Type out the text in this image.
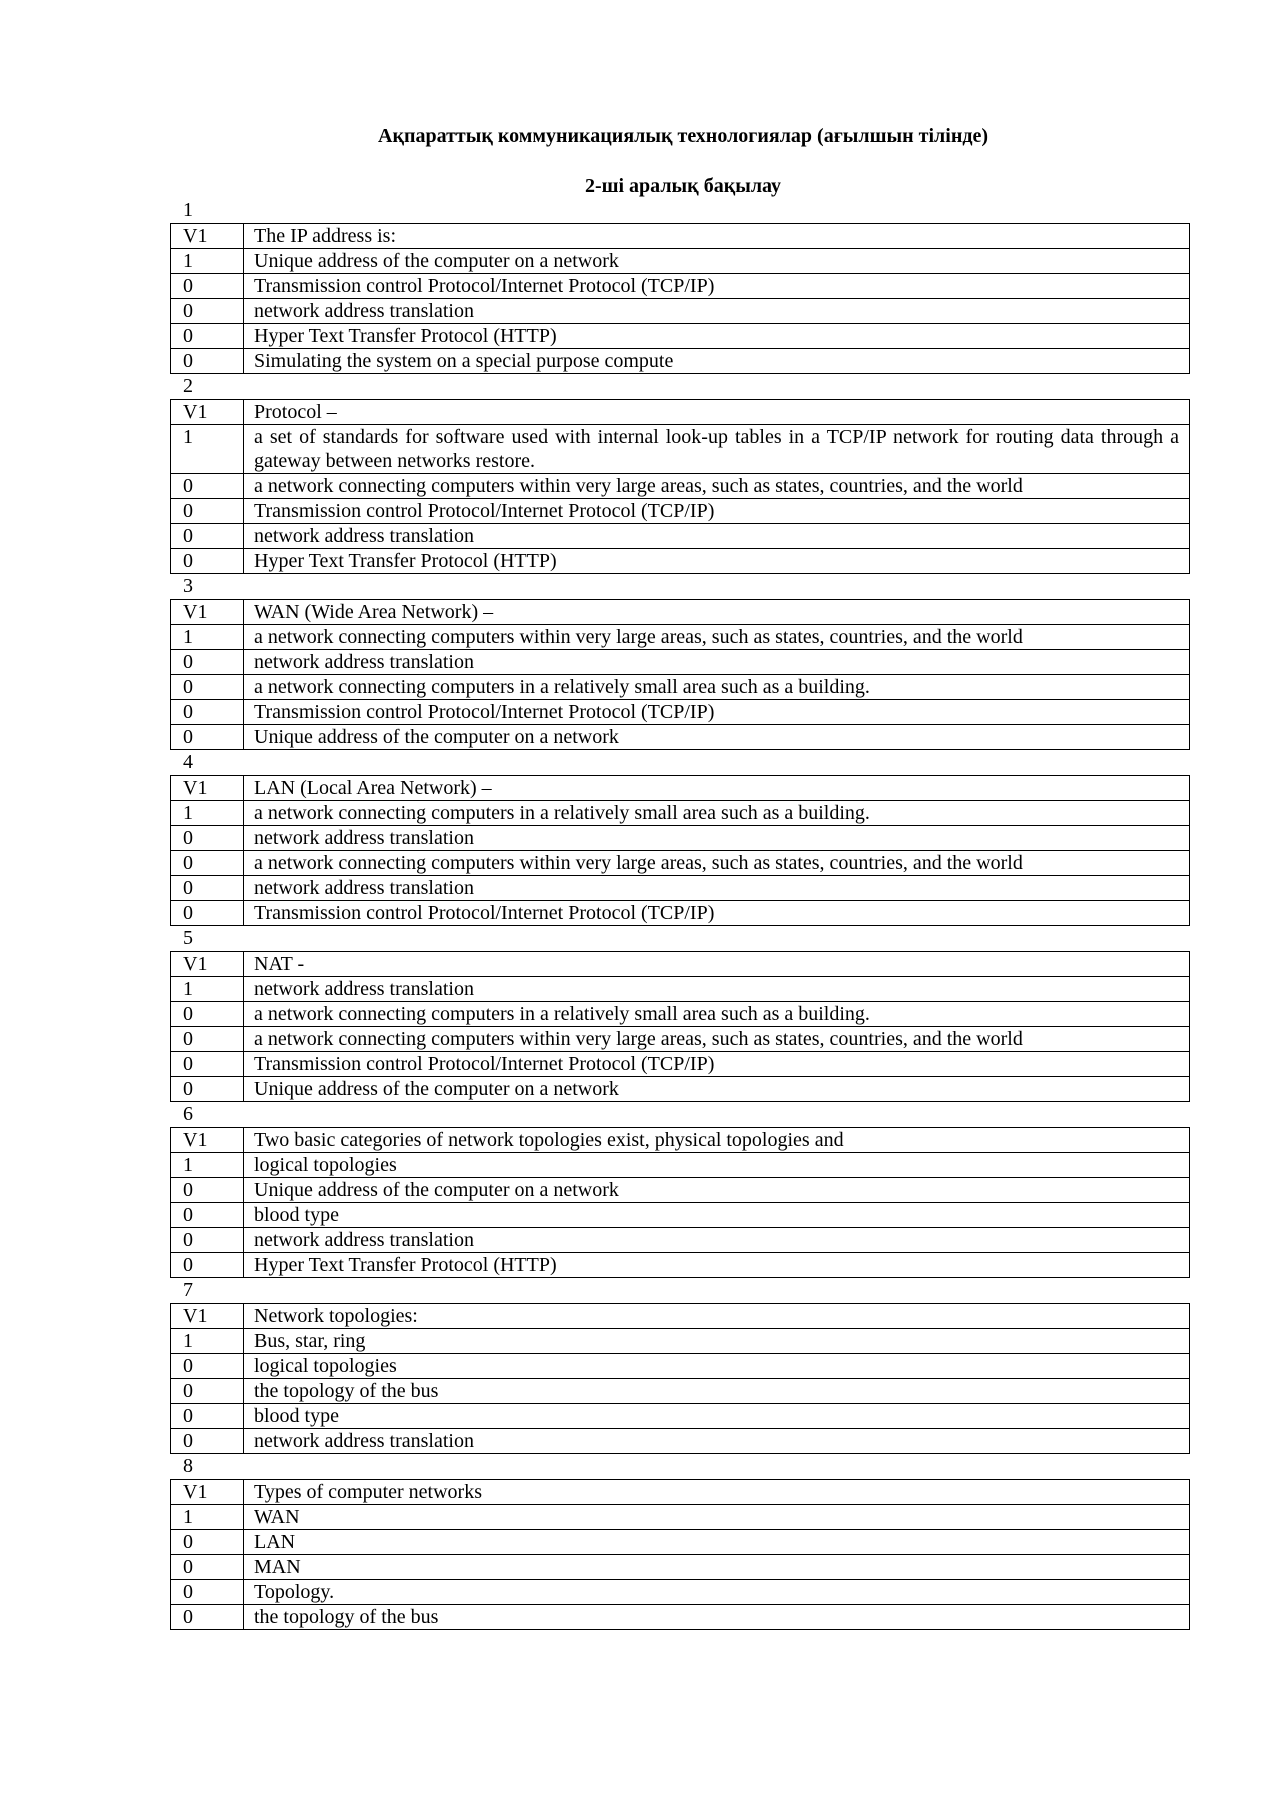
Ақпараттық коммуникациялық технологиялар (ағылшын тілінде)
2-ші аралық бақылау
1
V1	The IP address is:
1	Unique address of the computer on a network
0	Transmission control Protocol/Internet Protocol (TCP/IP)
0	network address translation
0	Hyper Text Transfer Protocol (HTTP)
0	Simulating the system on a special purpose compute
2
V1	Protocol –
1	a set of standards for software used with internal look-up tables in a TCP/IP network for routing data through a gateway between networks restore.
0	a network connecting computers within very large areas, such as states, countries, and the world
0	Transmission control Protocol/Internet Protocol (TCP/IP)
0	network address translation
0	Hyper Text Transfer Protocol (HTTP)
3
V1	WAN (Wide Area Network) –
1	a network connecting computers within very large areas, such as states, countries, and the world
0	network address translation
0	a network connecting computers in a relatively small area such as a building.
0	Transmission control Protocol/Internet Protocol (TCP/IP)
0	Unique address of the computer on a network
4
V1	LAN (Local Area Network) –
1	a network connecting computers in a relatively small area such as a building.
0	network address translation
0	a network connecting computers within very large areas, such as states, countries, and the world
0	network address translation
0	Transmission control Protocol/Internet Protocol (TCP/IP)
5
V1	NAT -
1	network address translation
0	a network connecting computers in a relatively small area such as a building.
0	a network connecting computers within very large areas, such as states, countries, and the world
0	Transmission control Protocol/Internet Protocol (TCP/IP)
0	Unique address of the computer on a network
6
V1	Two basic categories of network topologies exist, physical topologies and
1	logical topologies
0	Unique address of the computer on a network
0	blood type
0	network address translation
0	Hyper Text Transfer Protocol (HTTP)
7
V1	Network topologies:
1	Bus, star, ring
0	logical topologies
0	the topology of the bus
0	blood type
0	network address translation
8
V1	Types of computer networks
1	WAN
0	LAN
0	MAN
0	Topology.
0	the topology of the bus
